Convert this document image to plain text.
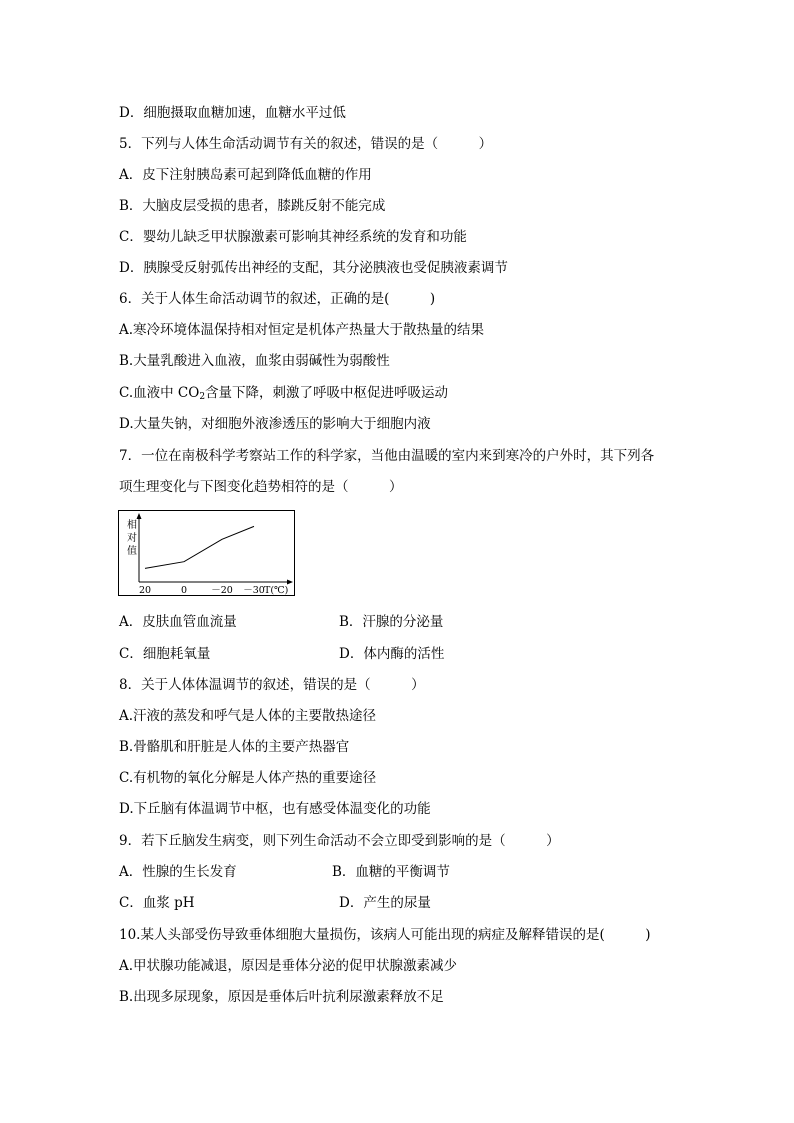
D．细胞摄取血糖加速，血糖水平过低
5．下列与人体生命活动调节有关的叙述，错误的是（　　　）
A．皮下注射胰岛素可起到降低血糖的作用
B．大脑皮层受损的患者，膝跳反射不能完成
C．婴幼儿缺乏甲状腺激素可影响其神经系统的发育和功能
D．胰腺受反射弧传出神经的支配，其分泌胰液也受促胰液素调节
6．关于人体生命活动调节的叙述，正确的是(　　　)
A.寒冷环境体温保持相对恒定是机体产热量大于散热量的结果
B.大量乳酸进入血液，血浆由弱碱性为弱酸性
C.血液中 $CO_2$含量下降，刺激了呼吸中枢促进呼吸运动
D.大量失钠，对细胞外液渗透压的影响大于细胞内液
7．一位在南极科学考察站工作的科学家，当他由温暖的室内来到寒冷的户外时，其下列各
项生理变化与下图变化趋势相符的是（　　　）
相
对
值
20	0	－20 －30 T(℃)
A．皮肤血管血流量	B．汗腺的分泌量
C．细胞耗氧量	D．体内酶的活性
8．关于人体体温调节的叙述，错误的是（　　　）
A.汗液的蒸发和呼气是人体的主要散热途径
B.骨骼肌和肝脏是人体的主要产热器官
C.有机物的氧化分解是人体产热的重要途径
D.下丘脑有体温调节中枢，也有感受体温变化的功能
9．若下丘脑发生病变，则下列生命活动不会立即受到影响的是（　　　）
A．性腺的生长发育	B．血糖的平衡调节
C．血浆 pH	D．产生的尿量
10.某人头部受伤导致垂体细胞大量损伤，该病人可能出现的病症及解释错误的是(　　　)
A.甲状腺功能减退，原因是垂体分泌的促甲状腺激素减少
B.出现多尿现象，原因是垂体后叶抗利尿激素释放不足
